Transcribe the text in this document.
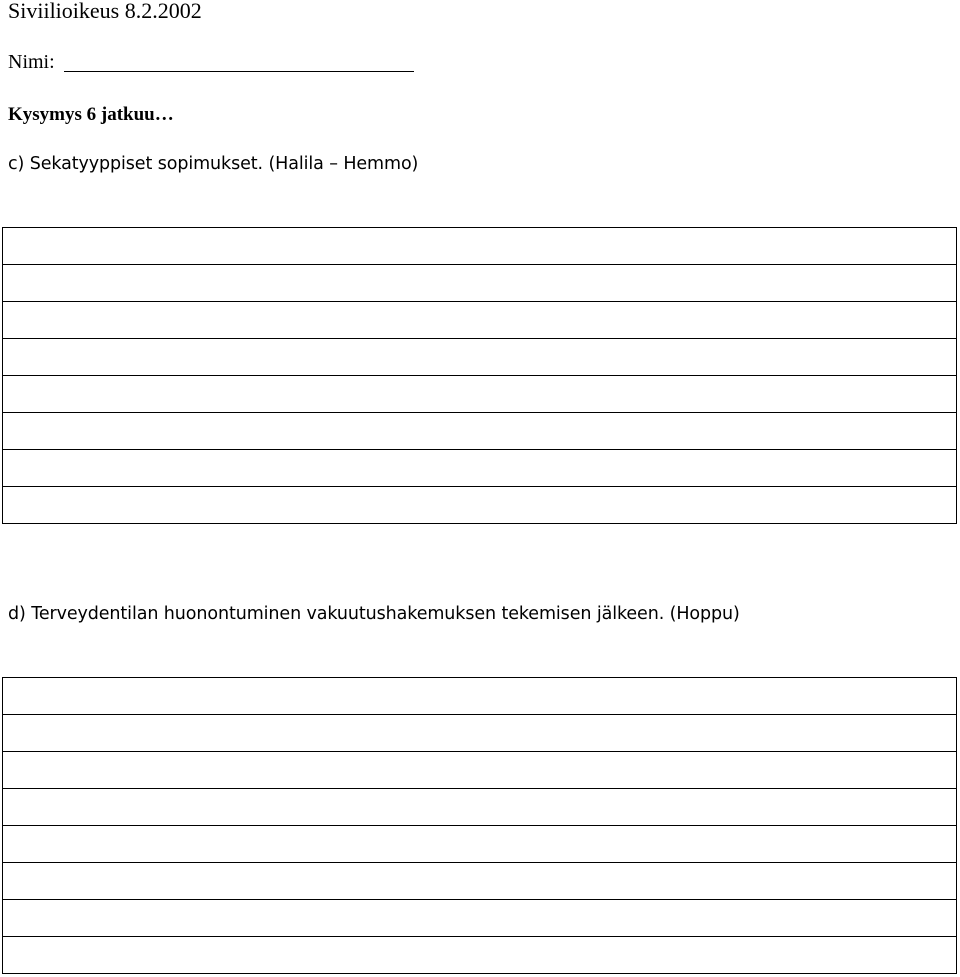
Siviilioikeus 8.2.2002
Nimi:
Kysymys 6 jatkuu…
c) Sekatyyppiset sopimukset. (Halila – Hemmo)
d) Terveydentilan huonontuminen vakuutushakemuksen tekemisen jälkeen. (Hoppu)
